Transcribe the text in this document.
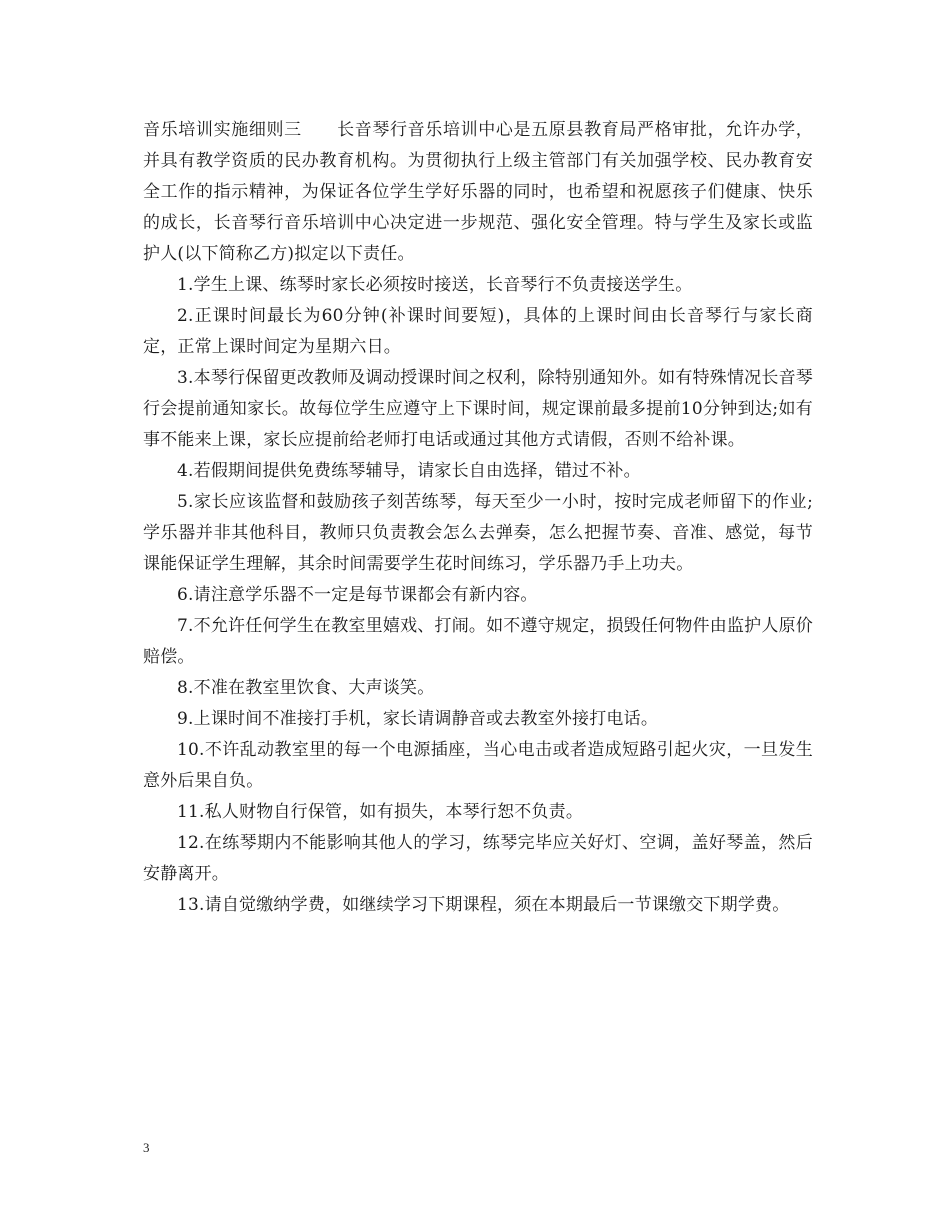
音乐培训实施细则三　　长音琴行音乐培训中心是五原县教育局严格审批，允许办学，并具有教学资质的民办教育机构。为贯彻执行上级主管部门有关加强学校、民办教育安全工作的指示精神，为保证各位学生学好乐器的同时，也希望和祝愿孩子们健康、快乐的成长，长音琴行音乐培训中心决定进一步规范、强化安全管理。特与学生及家长或监护人(以下简称乙方)拟定以下责任。

1.学生上课、练琴时家长必须按时接送，长音琴行不负责接送学生。

2.正课时间最长为60分钟(补课时间要短)，具体的上课时间由长音琴行与家长商定，正常上课时间定为星期六日。

3.本琴行保留更改教师及调动授课时间之权利，除特别通知外。如有特殊情况长音琴行会提前通知家长。故每位学生应遵守上下课时间，规定课前最多提前10分钟到达;如有事不能来上课，家长应提前给老师打电话或通过其他方式请假，否则不给补课。

4.若假期间提供免费练琴辅导，请家长自由选择，错过不补。

5.家长应该监督和鼓励孩子刻苦练琴，每天至少一小时，按时完成老师留下的作业;学乐器并非其他科目，教师只负责教会怎么去弹奏，怎么把握节奏、音准、感觉，每节课能保证学生理解，其余时间需要学生花时间练习，学乐器乃手上功夫。

6.请注意学乐器不一定是每节课都会有新内容。

7.不允许任何学生在教室里嬉戏、打闹。如不遵守规定，损毁任何物件由监护人原价赔偿。

8.不准在教室里饮食、大声谈笑。

9.上课时间不准接打手机，家长请调静音或去教室外接打电话。

10.不许乱动教室里的每一个电源插座，当心电击或者造成短路引起火灾，一旦发生意外后果自负。

11.私人财物自行保管，如有损失，本琴行恕不负责。

12.在练琴期内不能影响其他人的学习，练琴完毕应关好灯、空调，盖好琴盖，然后安静离开。

13.请自觉缴纳学费，如继续学习下期课程，须在本期最后一节课缴交下期学费。

3
